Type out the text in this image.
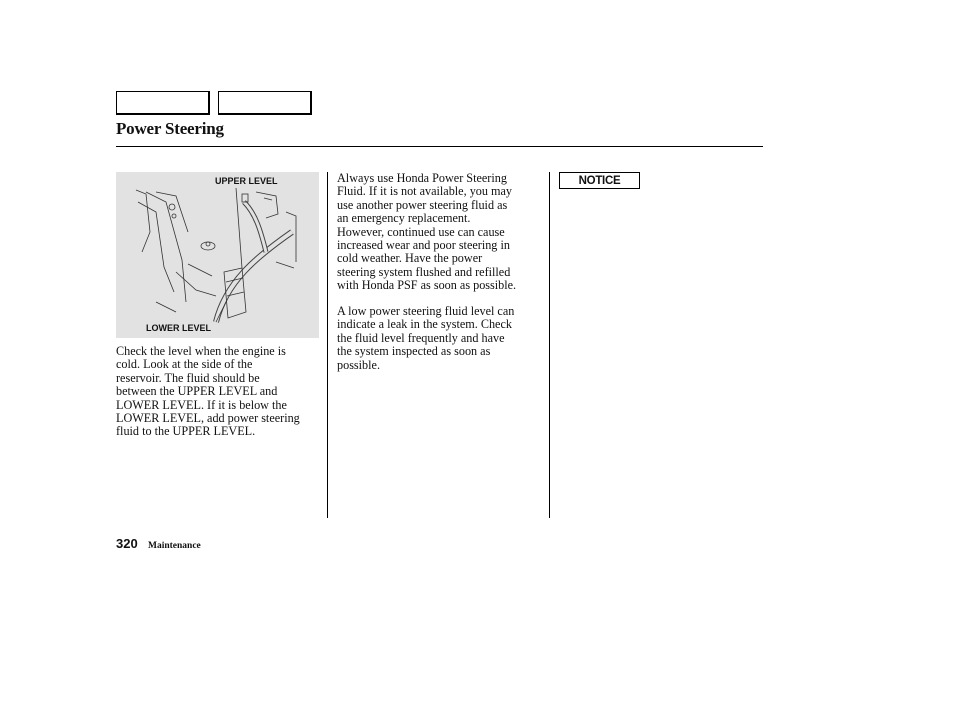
Power Steering
UPPER LEVEL
LOWER LEVEL

Check the level when the engine is
cold. Look at the side of the
reservoir. The fluid should be
between the UPPER LEVEL and
LOWER LEVEL. If it is below the
LOWER LEVEL, add power steering
fluid to the UPPER LEVEL.

Always use Honda Power Steering
Fluid. If it is not available, you may
use another power steering fluid as
an emergency replacement.
However, continued use can cause
increased wear and poor steering in
cold weather. Have the power
steering system flushed and refilled
with Honda PSF as soon as possible.

A low power steering fluid level can
indicate a leak in the system. Check
the fluid level frequently and have
the system inspected as soon as
possible.

NOTICE
320 Maintenance
